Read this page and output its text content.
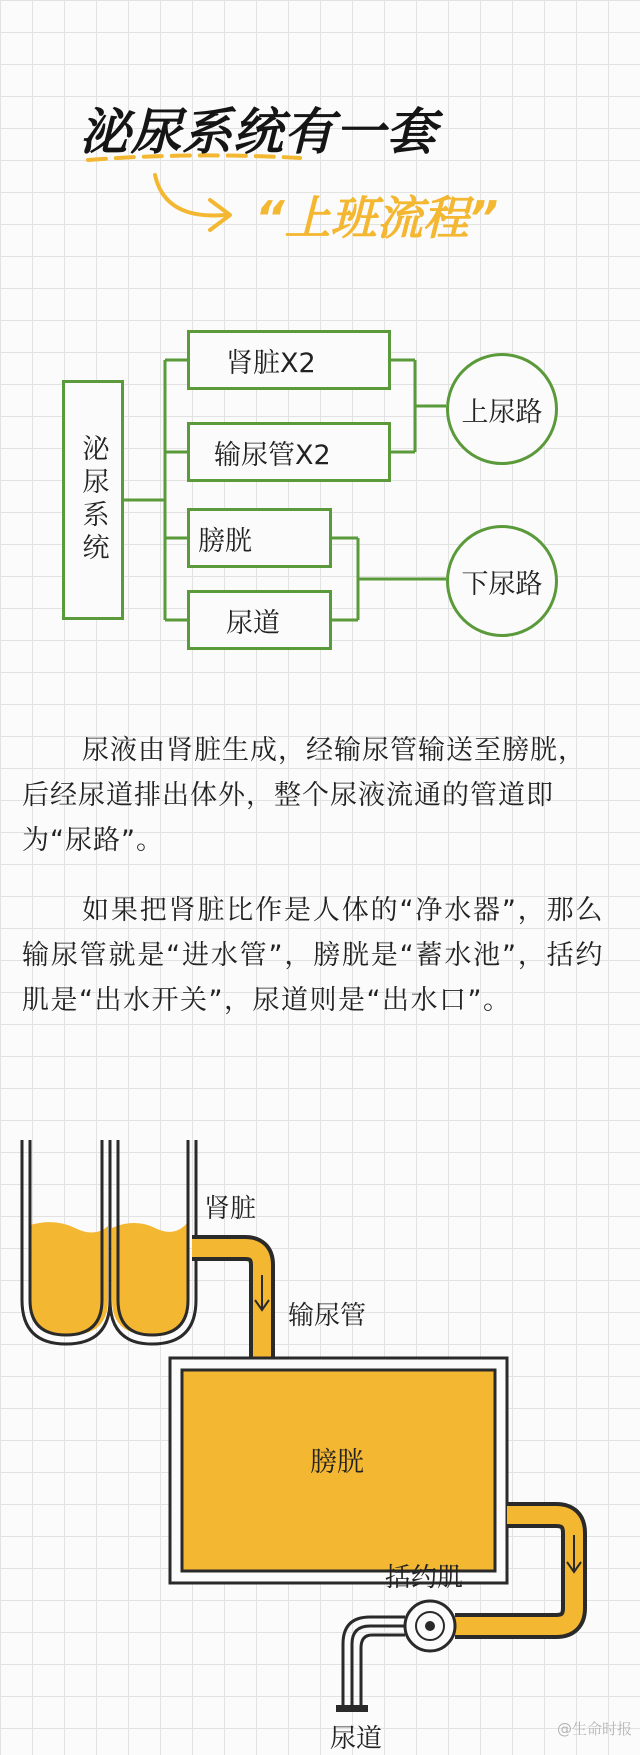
泌尿系统有一套
“上班流程”
泌尿系统
肾脏X2
输尿管X2
膀胱
尿道
上尿路
下尿路
尿液由肾脏生成，经输尿管输送至膀胱，后经尿道排出体外，整个尿液流通的管道即为“尿路”。
如果把肾脏比作是人体的“净水器”，那么输尿管就是“进水管”，膀胱是“蓄水池”，括约肌是“出水开关”，尿道则是“出水口”。
肾脏
输尿管
膀胱
括约肌
尿道	@生命时报
